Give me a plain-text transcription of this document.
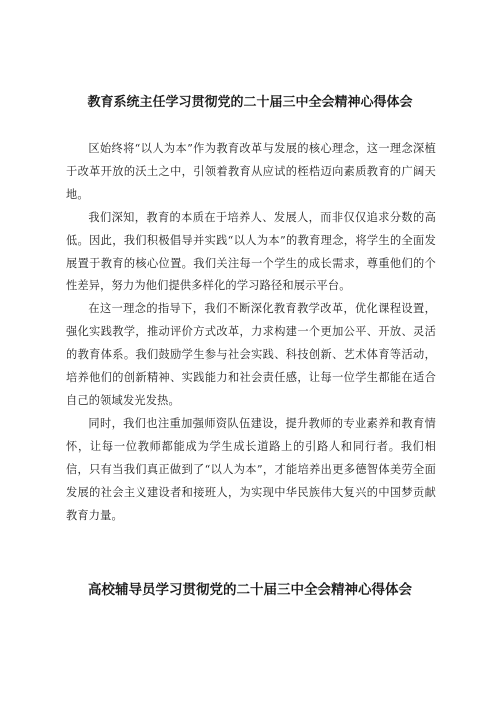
教育系统主任学习贯彻党的二十届三中全会精神心得体会

区始终将“以人为本”作为教育改革与发展的核心理念，这一理念深植于改革开放的沃土之中，引领着教育从应试的桎梏迈向素质教育的广阔天地。

我们深知，教育的本质在于培养人、发展人，而非仅仅追求分数的高低。因此，我们积极倡导并实践“以人为本”的教育理念，将学生的全面发展置于教育的核心位置。我们关注每一个学生的成长需求，尊重他们的个性差异，努力为他们提供多样化的学习路径和展示平台。

在这一理念的指导下，我们不断深化教育教学改革，优化课程设置，强化实践教学，推动评价方式改革，力求构建一个更加公平、开放、灵活的教育体系。我们鼓励学生参与社会实践、科技创新、艺术体育等活动，培养他们的创新精神、实践能力和社会责任感，让每一位学生都能在适合自己的领域发光发热。

同时，我们也注重加强师资队伍建设，提升教师的专业素养和教育情怀，让每一位教师都能成为学生成长道路上的引路人和同行者。我们相信，只有当我们真正做到了“以人为本”，才能培养出更多德智体美劳全面发展的社会主义建设者和接班人，为实现中华民族伟大复兴的中国梦贡献教育力量。

高校辅导员学习贯彻党的二十届三中全会精神心得体会
